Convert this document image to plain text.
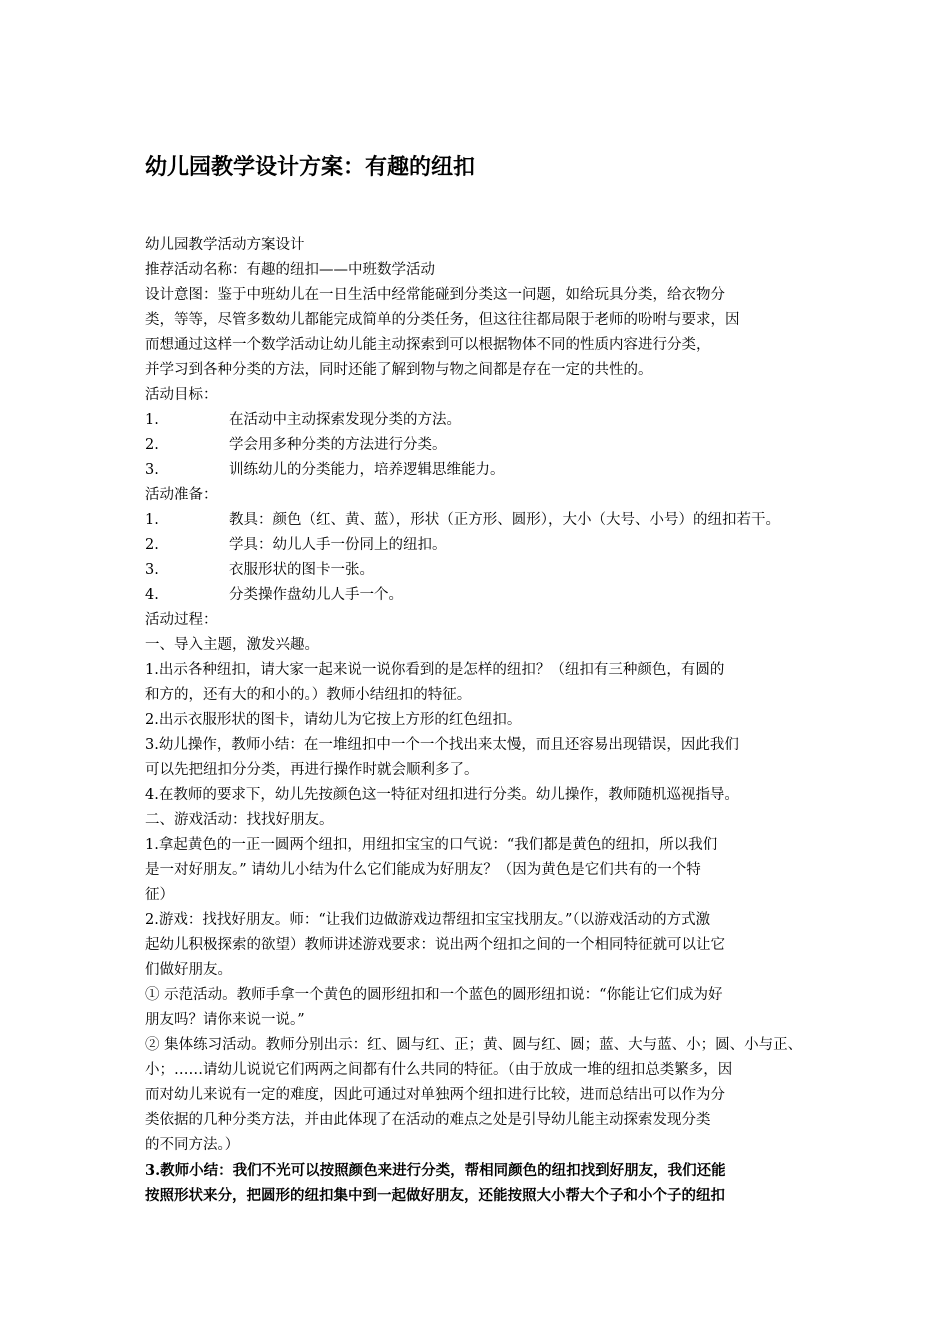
幼儿园教学设计方案：有趣的纽扣
幼儿园教学活动方案设计
推荐活动名称：有趣的纽扣——中班数学活动
设计意图：鉴于中班幼儿在一日生活中经常能碰到分类这一问题，如给玩具分类，给衣物分
类，等等，尽管多数幼儿都能完成简单的分类任务，但这往往都局限于老师的吩咐与要求，因
而想通过这样一个数学活动让幼儿能主动探索到可以根据物体不同的性质内容进行分类，
并学习到各种分类的方法，同时还能了解到物与物之间都是存在一定的共性的。
活动目标：
1.	在活动中主动探索发现分类的方法。
2.	学会用多种分类的方法进行分类。
3.	训练幼儿的分类能力，培养逻辑思维能力。
活动准备：
1.	教具：颜色（红、黄、蓝），形状（正方形、圆形），大小（大号、小号）的纽扣若干。
2.	学具：幼儿人手一份同上的纽扣。
3.	衣服形状的图卡一张。
4.	分类操作盘幼儿人手一个。
活动过程：
一、导入主题，激发兴趣。
1.出示各种纽扣，请大家一起来说一说你看到的是怎样的纽扣？（纽扣有三种颜色，有圆的
和方的，还有大的和小的。）教师小结纽扣的特征。
2.出示衣服形状的图卡，请幼儿为它按上方形的红色纽扣。
3.幼儿操作，教师小结：在一堆纽扣中一个一个找出来太慢，而且还容易出现错误，因此我们
可以先把纽扣分分类，再进行操作时就会顺利多了。
4.在教师的要求下，幼儿先按颜色这一特征对纽扣进行分类。幼儿操作，教师随机巡视指导。
二、游戏活动：找找好朋友。
1.拿起黄色的一正一圆两个纽扣，用纽扣宝宝的口气说：“我们都是黄色的纽扣，所以我们
是一对好朋友。” 请幼儿小结为什么它们能成为好朋友？（因为黄色是它们共有的一个特
征）
2.游戏：找找好朋友。师：“让我们边做游戏边帮纽扣宝宝找朋友。”（以游戏活动的方式激
起幼儿积极探索的欲望）教师讲述游戏要求：说出两个纽扣之间的一个相同特征就可以让它
们做好朋友。
① 示范活动。教师手拿一个黄色的圆形纽扣和一个蓝色的圆形纽扣说：“你能让它们成为好
朋友吗？请你来说一说。”
② 集体练习活动。教师分别出示：红、圆与红、正；黄、圆与红、圆；蓝、大与蓝、小；圆、小与正、
小；……请幼儿说说它们两两之间都有什么共同的特征。（由于放成一堆的纽扣总类繁多，因
而对幼儿来说有一定的难度，因此可通过对单独两个纽扣进行比较，进而总结出可以作为分
类依据的几种分类方法，并由此体现了在活动的难点之处是引导幼儿能主动探索发现分类
的不同方法。）
3.教师小结：我们不光可以按照颜色来进行分类，帮相同颜色的纽扣找到好朋友，我们还能
按照形状来分，把圆形的纽扣集中到一起做好朋友，还能按照大小帮大个子和小个子的纽扣
